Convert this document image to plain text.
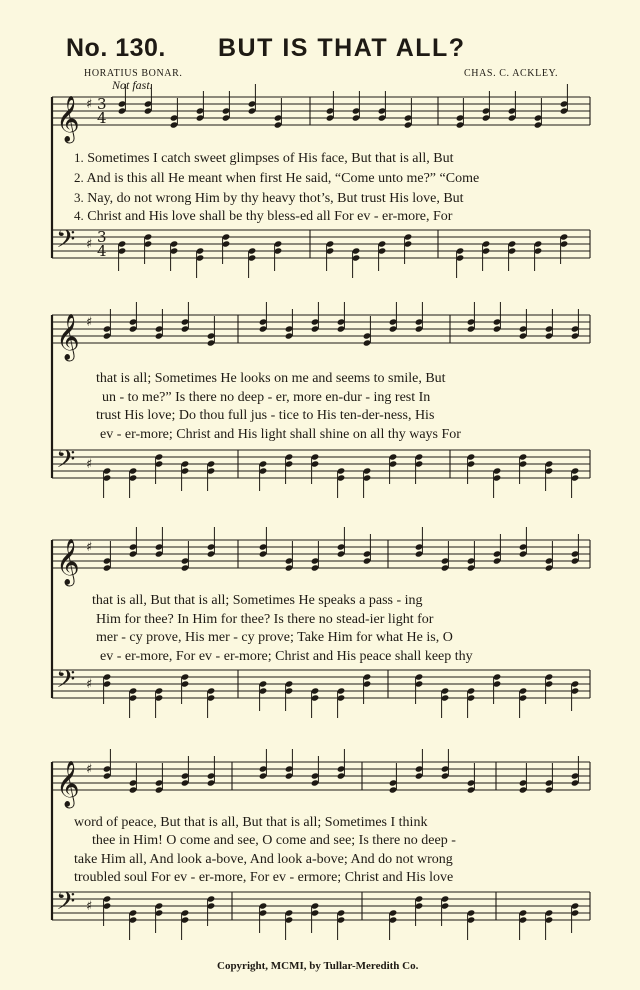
No. 130. BUT IS THAT ALL?
HORATIUS BONAR.
Not fast.
CHAS. C. ACKLEY.
𝄞 ♯ 3
4
𝄢 ♯ 3
4
𝄞 ♯
𝄢 ♯
𝄞 ♯
𝄢 ♯
𝄞 ♯
𝄢 ♯
1. Sometimes I catch sweet glimpses of His face, But that is all, But
2. And is this all He meant when first He said, “Come unto me?” “Come
3. Nay, do not wrong Him by thy heavy thot’s, But trust His love, But
4. Christ and His love shall be thy bless-ed all For ev - er-more, For
that is all; Sometimes He looks on me and seems to smile, But
un - to me?” Is there no deep - er, more en-dur - ing rest In
trust His love; Do thou full jus - tice to His ten-der-ness, His
ev - er-more; Christ and His light shall shine on all thy ways For
that is all, But that is all; Sometimes He speaks a pass - ing
Him for thee? In Him for thee? Is there no stead-ier light for
mer - cy prove, His mer - cy prove; Take Him for what He is, O
ev - er-more, For ev - er-more; Christ and His peace shall keep thy
word of peace, But that is all, But that is all; Sometimes I think
thee in Him! O come and see, O come and see; Is there no deep -
take Him all, And look a-bove, And look a-bove; And do not wrong
troubled soul For ev - er-more, For ev - ermore; Christ and His love
Copyright, MCMI, by Tullar-Meredith Co.
